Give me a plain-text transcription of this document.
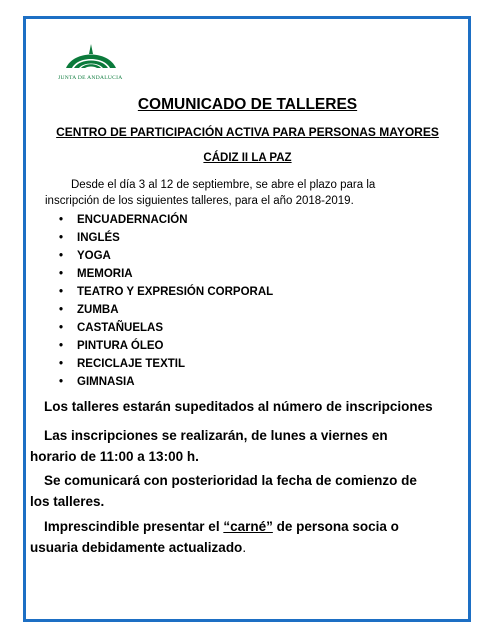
JUNTA DE ANDALUCIA
COMUNICADO DE TALLERES
CENTRO DE PARTICIPACIÓN ACTIVA PARA PERSONAS MAYORES
CÁDIZ II LA PAZ
Desde el día 3 al 12 de septiembre, se abre el plazo para la
inscripción de los siguientes talleres, para el año 2018-2019.
• ENCUADERNACIÓN
• INGLÉS
• YOGA
• MEMORIA
• TEATRO Y EXPRESIÓN CORPORAL
• ZUMBA
• CASTAÑUELAS
• PINTURA ÓLEO
• RECICLAJE TEXTIL
• GIMNASIA
Los talleres estarán supeditados al número de inscripciones
Las inscripciones se realizarán, de lunes a viernes en
horario de 11:00 a 13:00 h.
Se comunicará con posterioridad la fecha de comienzo de
los talleres.
Imprescindible presentar el “carné” de persona socia o
usuaria debidamente actualizado.
